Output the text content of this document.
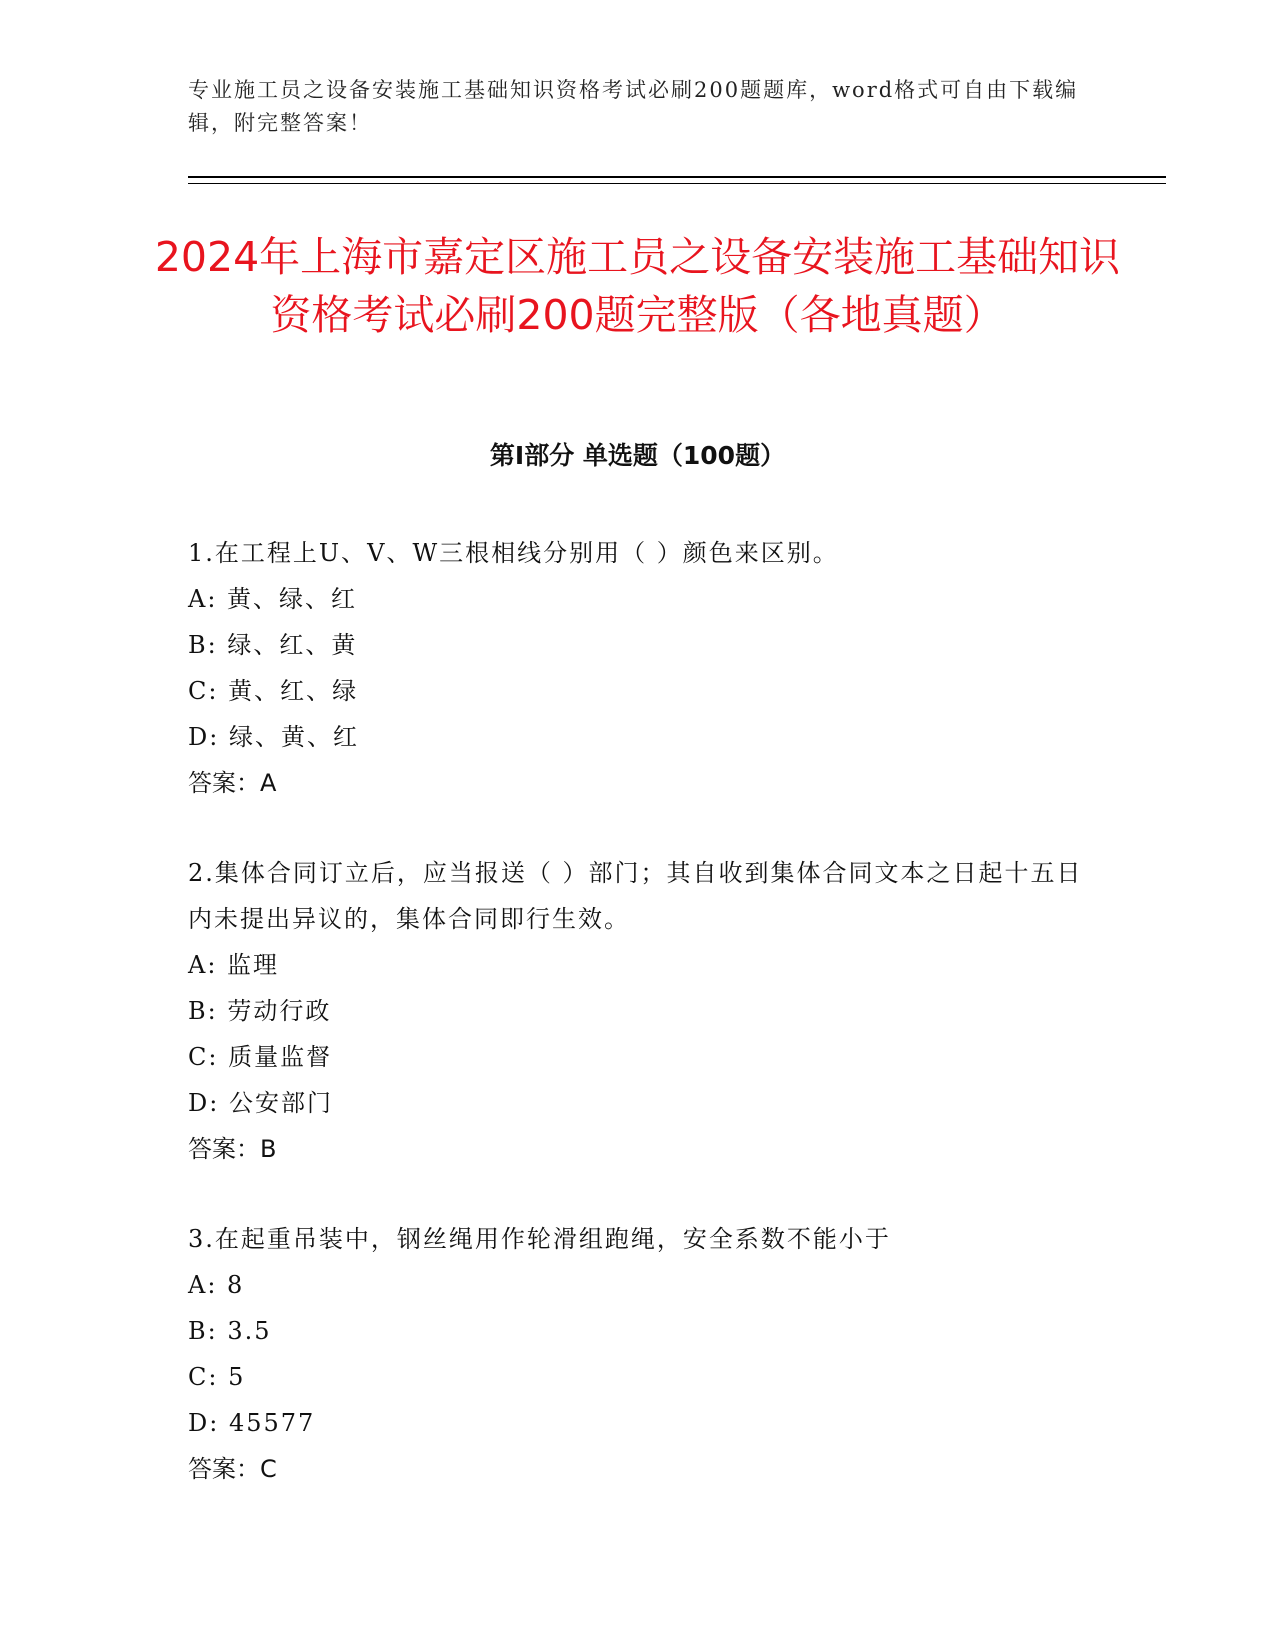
专业施工员之设备安装施工基础知识资格考试必刷200题题库，word格式可自由下载编辑，附完整答案！
2024年上海市嘉定区施工员之设备安装施工基础知识资格考试必刷200题完整版（各地真题）
第I部分 单选题（100题）
1.在工程上U、V、W三根相线分别用（ ）颜色来区别。
A: 黄、绿、红
B: 绿、红、黄
C: 黄、红、绿
D: 绿、黄、红
答案：A
2.集体合同订立后，应当报送（ ）部门；其自收到集体合同文本之日起十五日内未提出异议的，集体合同即行生效。
A: 监理
B: 劳动行政
C: 质量监督
D: 公安部门
答案：B
3.在起重吊装中，钢丝绳用作轮滑组跑绳，安全系数不能小于
A: 8
B: 3.5
C: 5
D: 45577
答案：C
